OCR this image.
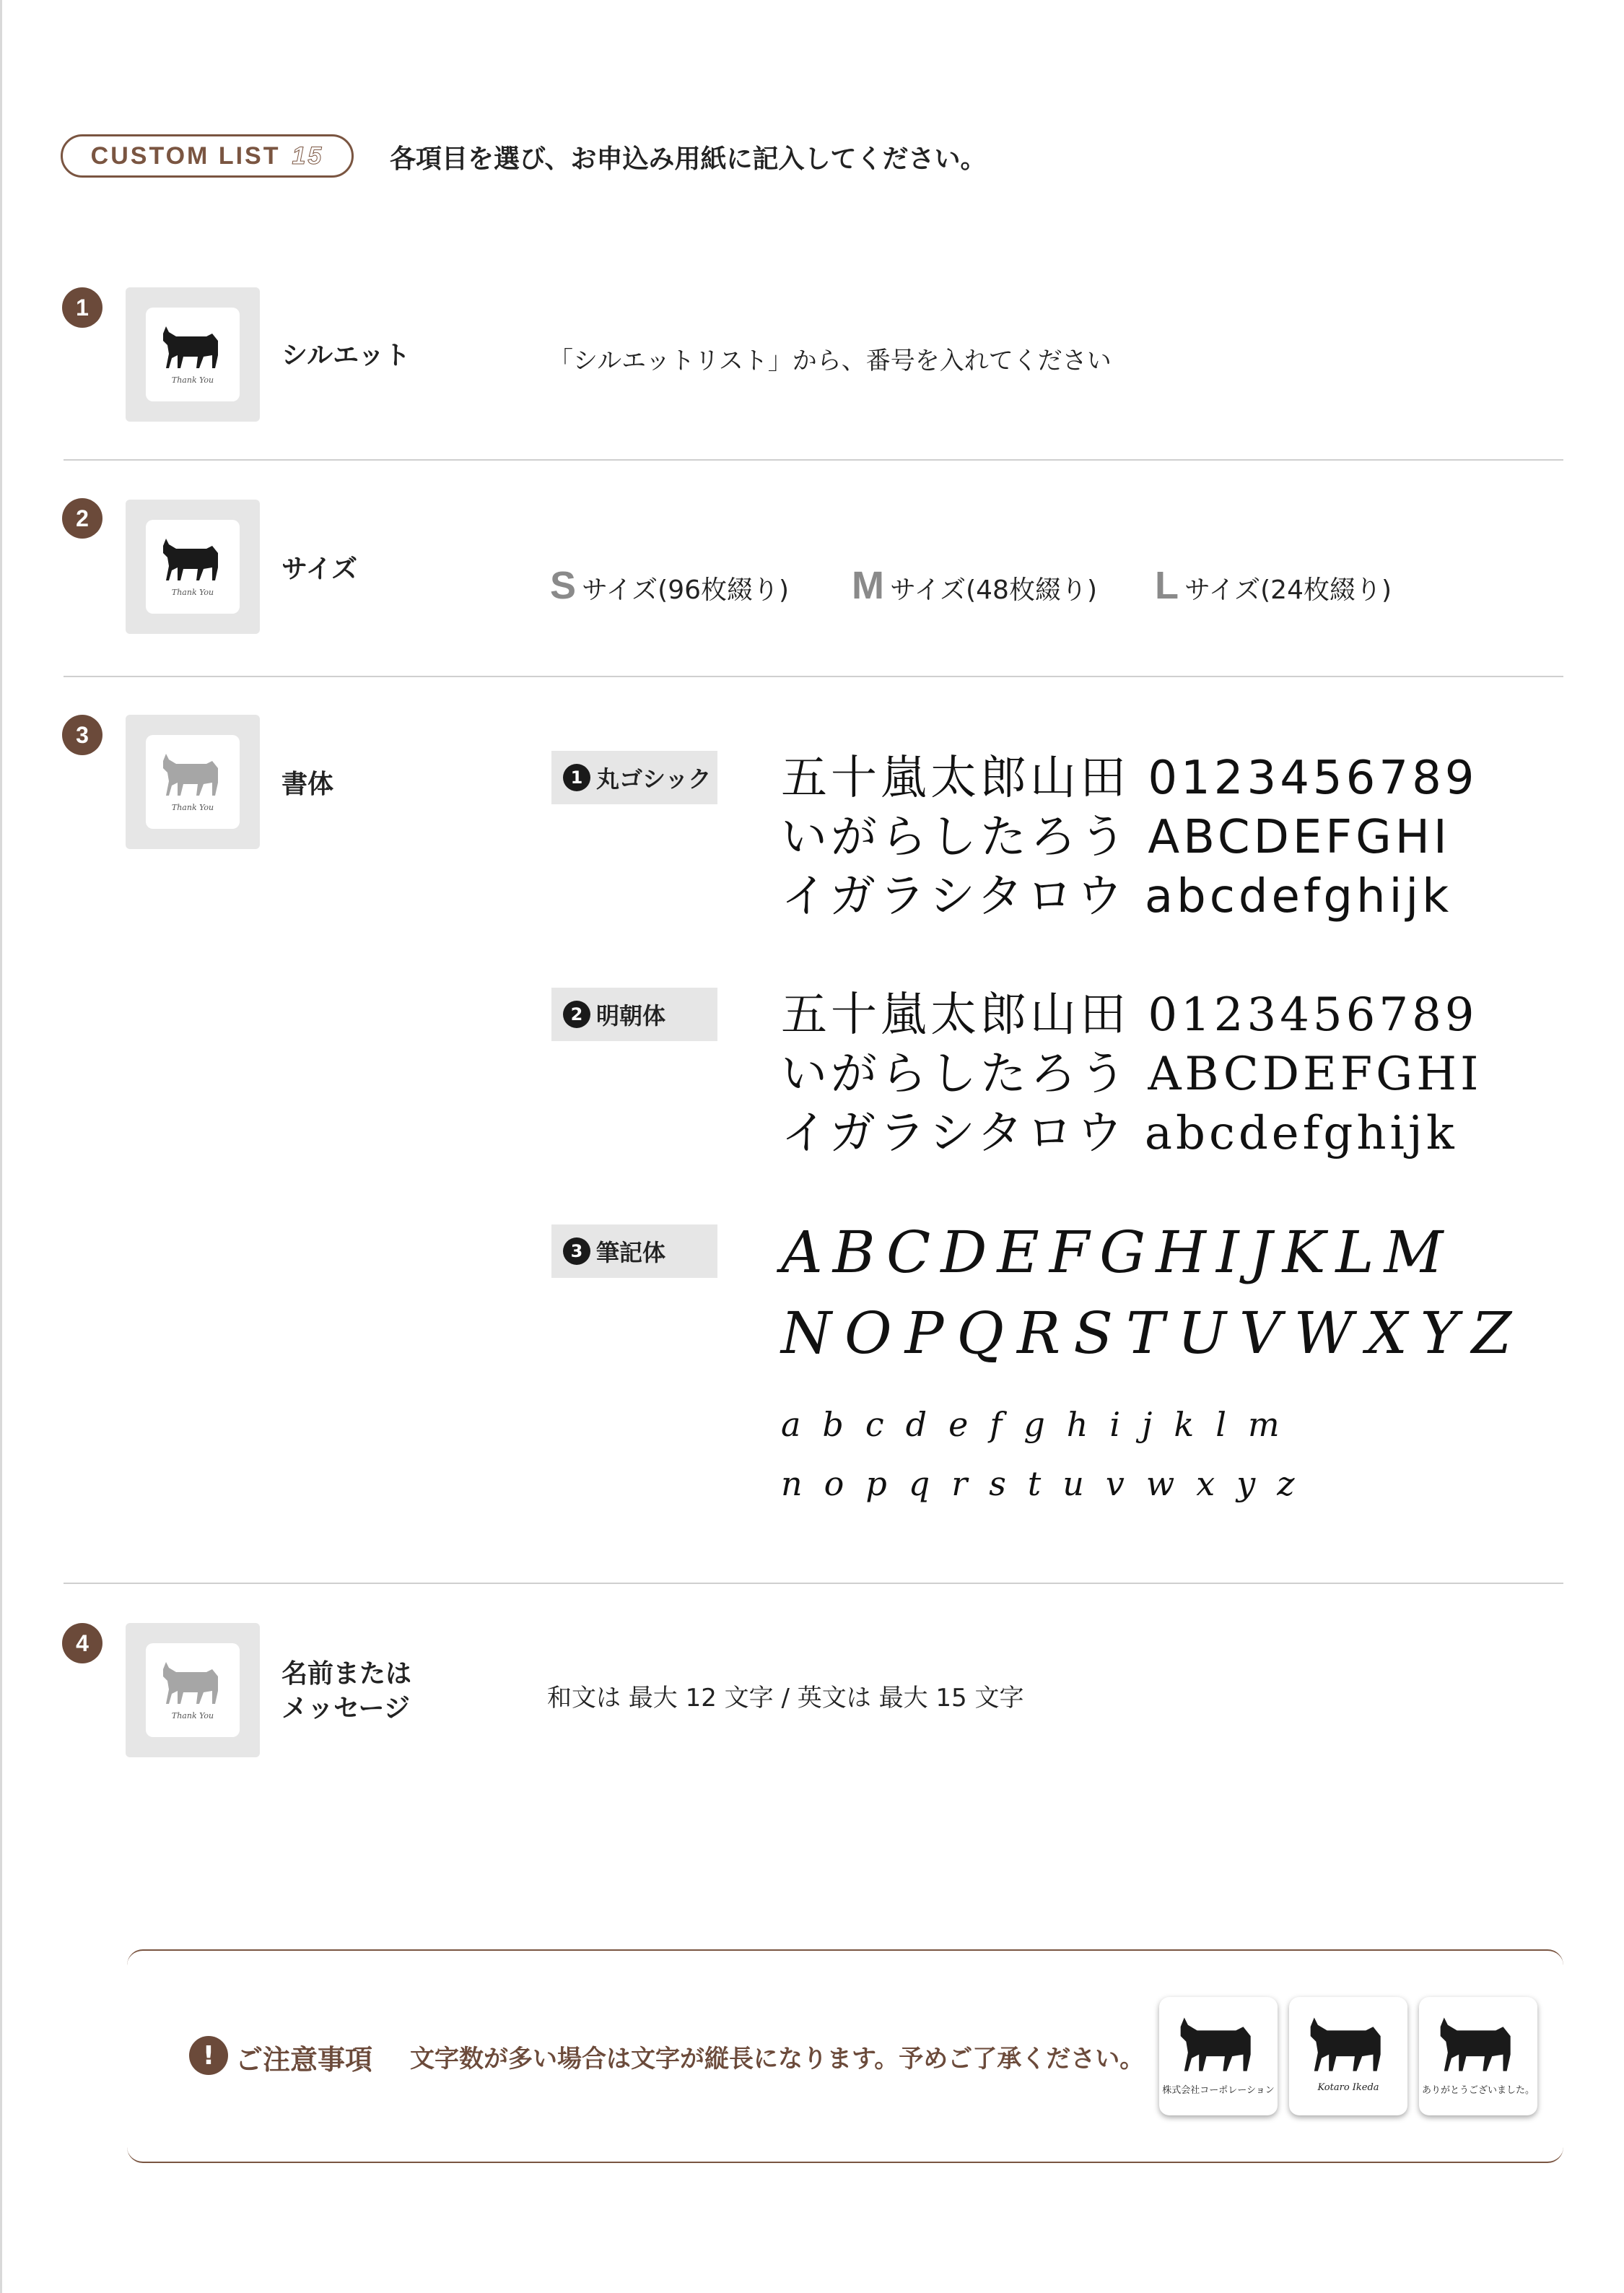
CUSTOM LIST 15	各項目を選び、お申込み用紙に記入してください。
1
Thank You
シルエット	「シルエットリスト」から、番号を入れてください
2
Thank You
サイズ	S サイズ(96枚綴り) M サイズ(48枚綴り) L サイズ(24枚綴り)
3
Thank You
書体	1 丸ゴシック 五十嵐太郎山田 0123456789
いがらしたろう ABCDEFGHI
イガラシタロウ abcdefghijk
2 明朝体 五十嵐太郎山田 0123456789
いがらしたろう ABCDEFGHI
イガラシタロウ abcdefghijk
3 筆記体 ABCDEFGHIJKLM
NOPQRSTUVWXYZ
abcdefghijklm
nopqrstuvwxyz
4
Thank You
名前または
メッセージ	和文は 最大 12 文字 / 英文は 最大 15 文字
! ご注意事項 文字数が多い場合は文字が縦長になります。予めご了承ください。
株式会社コーポレーション	Kotaro Ikeda	ありがとうございました。
